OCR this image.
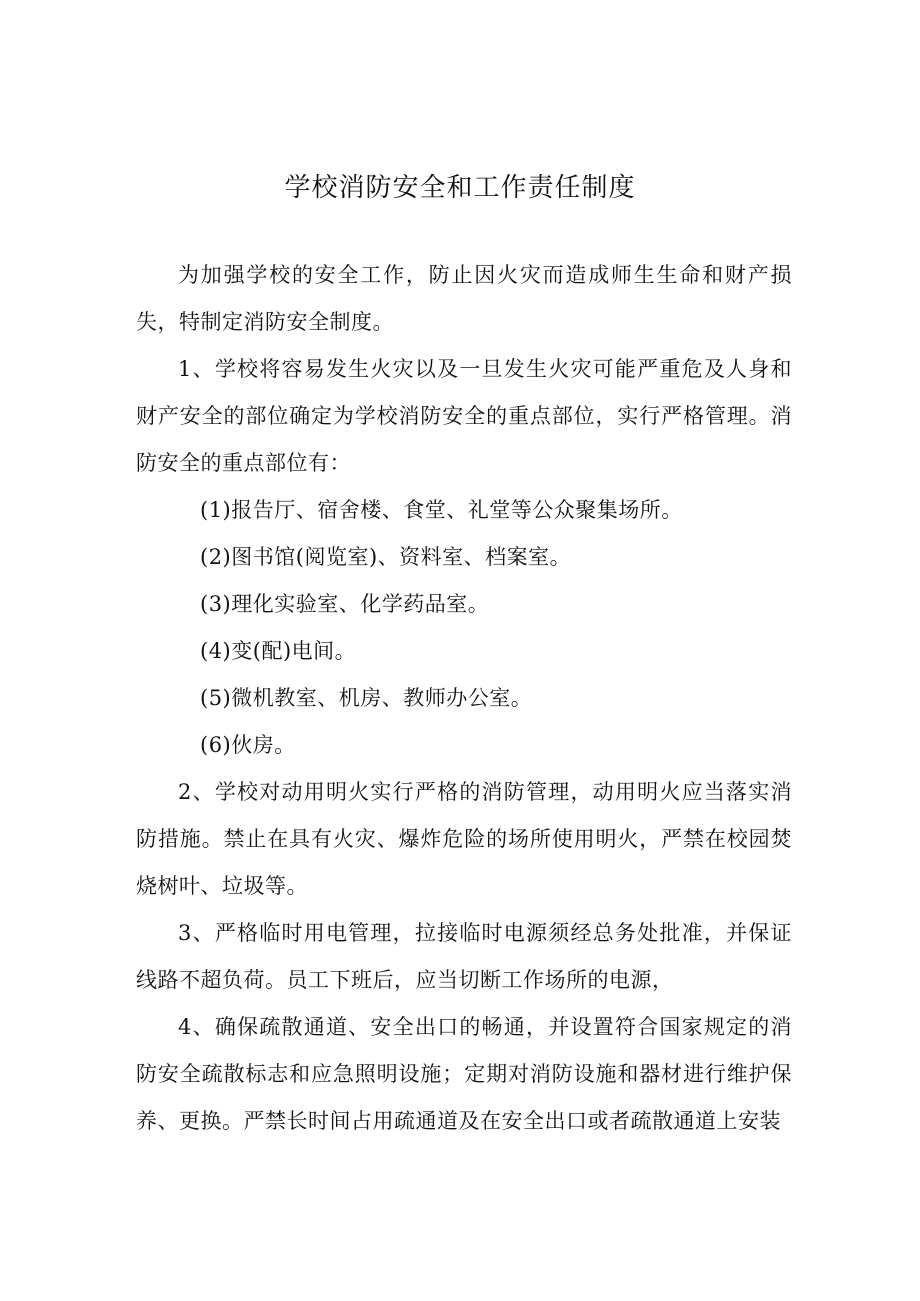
学校消防安全和工作责任制度

为加强学校的安全工作，防止因火灾而造成师生生命和财产损失，特制定消防安全制度。

1、学校将容易发生火灾以及一旦发生火灾可能严重危及人身和财产安全的部位确定为学校消防安全的重点部位，实行严格管理。消防安全的重点部位有：

(1)报告厅、宿舍楼、食堂、礼堂等公众聚集场所。

(2)图书馆(阅览室)、资料室、档案室。

(3)理化实验室、化学药品室。

(4)变(配)电间。

(5)微机教室、机房、教师办公室。

(6)伙房。

2、学校对动用明火实行严格的消防管理，动用明火应当落实消防措施。禁止在具有火灾、爆炸危险的场所使用明火，严禁在校园焚烧树叶、垃圾等。

3、严格临时用电管理，拉接临时电源须经总务处批准，并保证线路不超负荷。员工下班后，应当切断工作场所的电源，

4、确保疏散通道、安全出口的畅通，并设置符合国家规定的消防安全疏散标志和应急照明设施；定期对消防设施和器材进行维护保养、更换。严禁长时间占用疏通道及在安全出口或者疏散通道上安装
